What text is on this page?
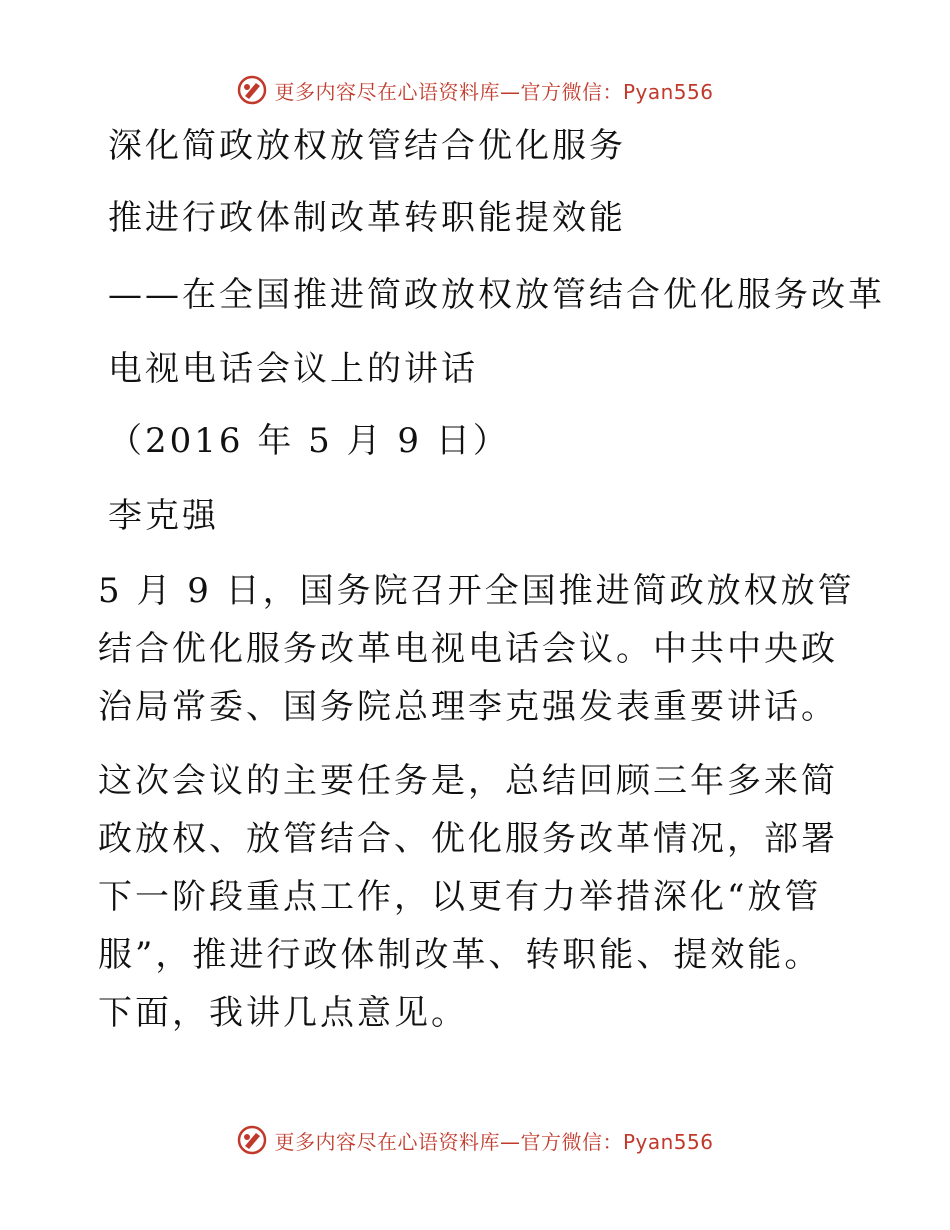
更多内容尽在心语资料库—官方微信：Pyan556
深化简政放权放管结合优化服务
推进行政体制改革转职能提效能
——在全国推进简政放权放管结合优化服务改革
电视电话会议上的讲话
（2016 年 5 月 9 日）
李克强
5 月 9 日，国务院召开全国推进简政放权放管结合优化服务改革电视电话会议。中共中央政治局常委、国务院总理李克强发表重要讲话。
这次会议的主要任务是，总结回顾三年多来简政放权、放管结合、优化服务改革情况，部署下一阶段重点工作，以更有力举措深化“放管服”，推进行政体制改革、转职能、提效能。下面，我讲几点意见。
更多内容尽在心语资料库—官方微信：Pyan556
